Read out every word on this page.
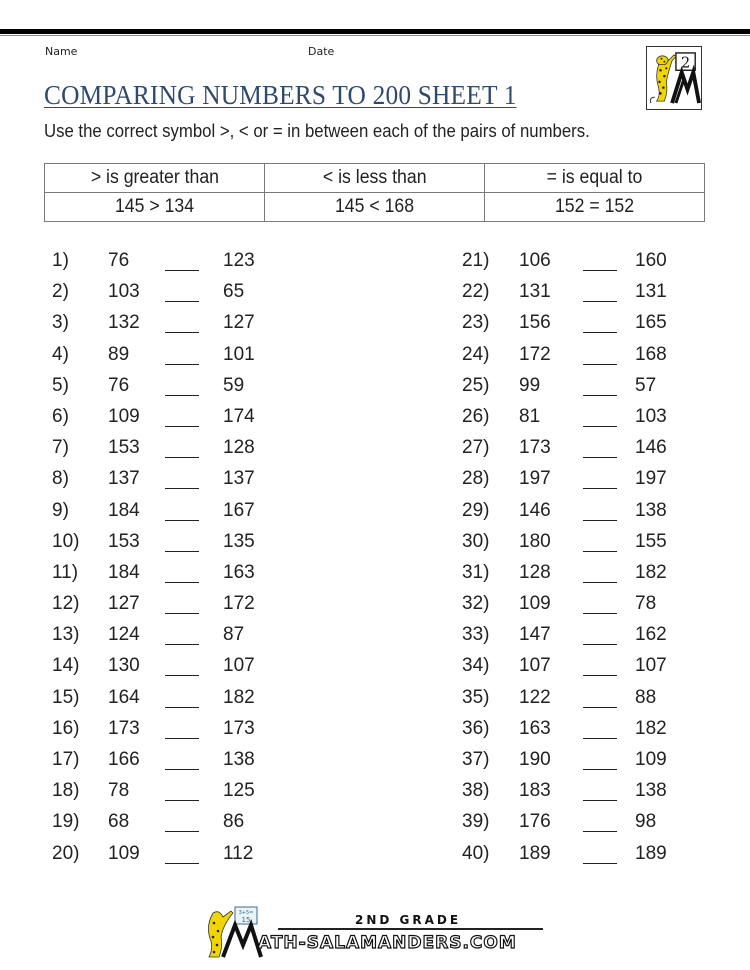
Name	Date
COMPARING NUMBERS TO 200 SHEET 1
2
Use the correct symbol >, < or = in between each of the pairs of numbers.
> is greater than	< is less than	= is equal to
145 > 134	145 < 168	152 = 152
1) 76	123
2) 103	65
3) 132	127
4) 89	101
5) 76	59
6) 109	174
7) 153	128
8) 137	137
9) 184	167
10) 153	135
11) 184	163
12) 127	172
13) 124	87
14) 130	107
15) 164	182
16) 173	173
17) 166	138
18) 78	125
19) 68	86
20) 109	112
21) 106	160
22) 131	131
23) 156	165
24) 172	168
25) 99	57
26) 81	103
27) 173	146
28) 197	197
29) 146	138
30) 180	155
31) 128	182
32) 109	78
33) 147	162
34) 107	107
35) 122	88
36) 163	182
37) 190	109
38) 183	138
39) 176	98
40) 189	189
3+5=
15	2ND GRADE
ATH-SALAMANDERS.COM
